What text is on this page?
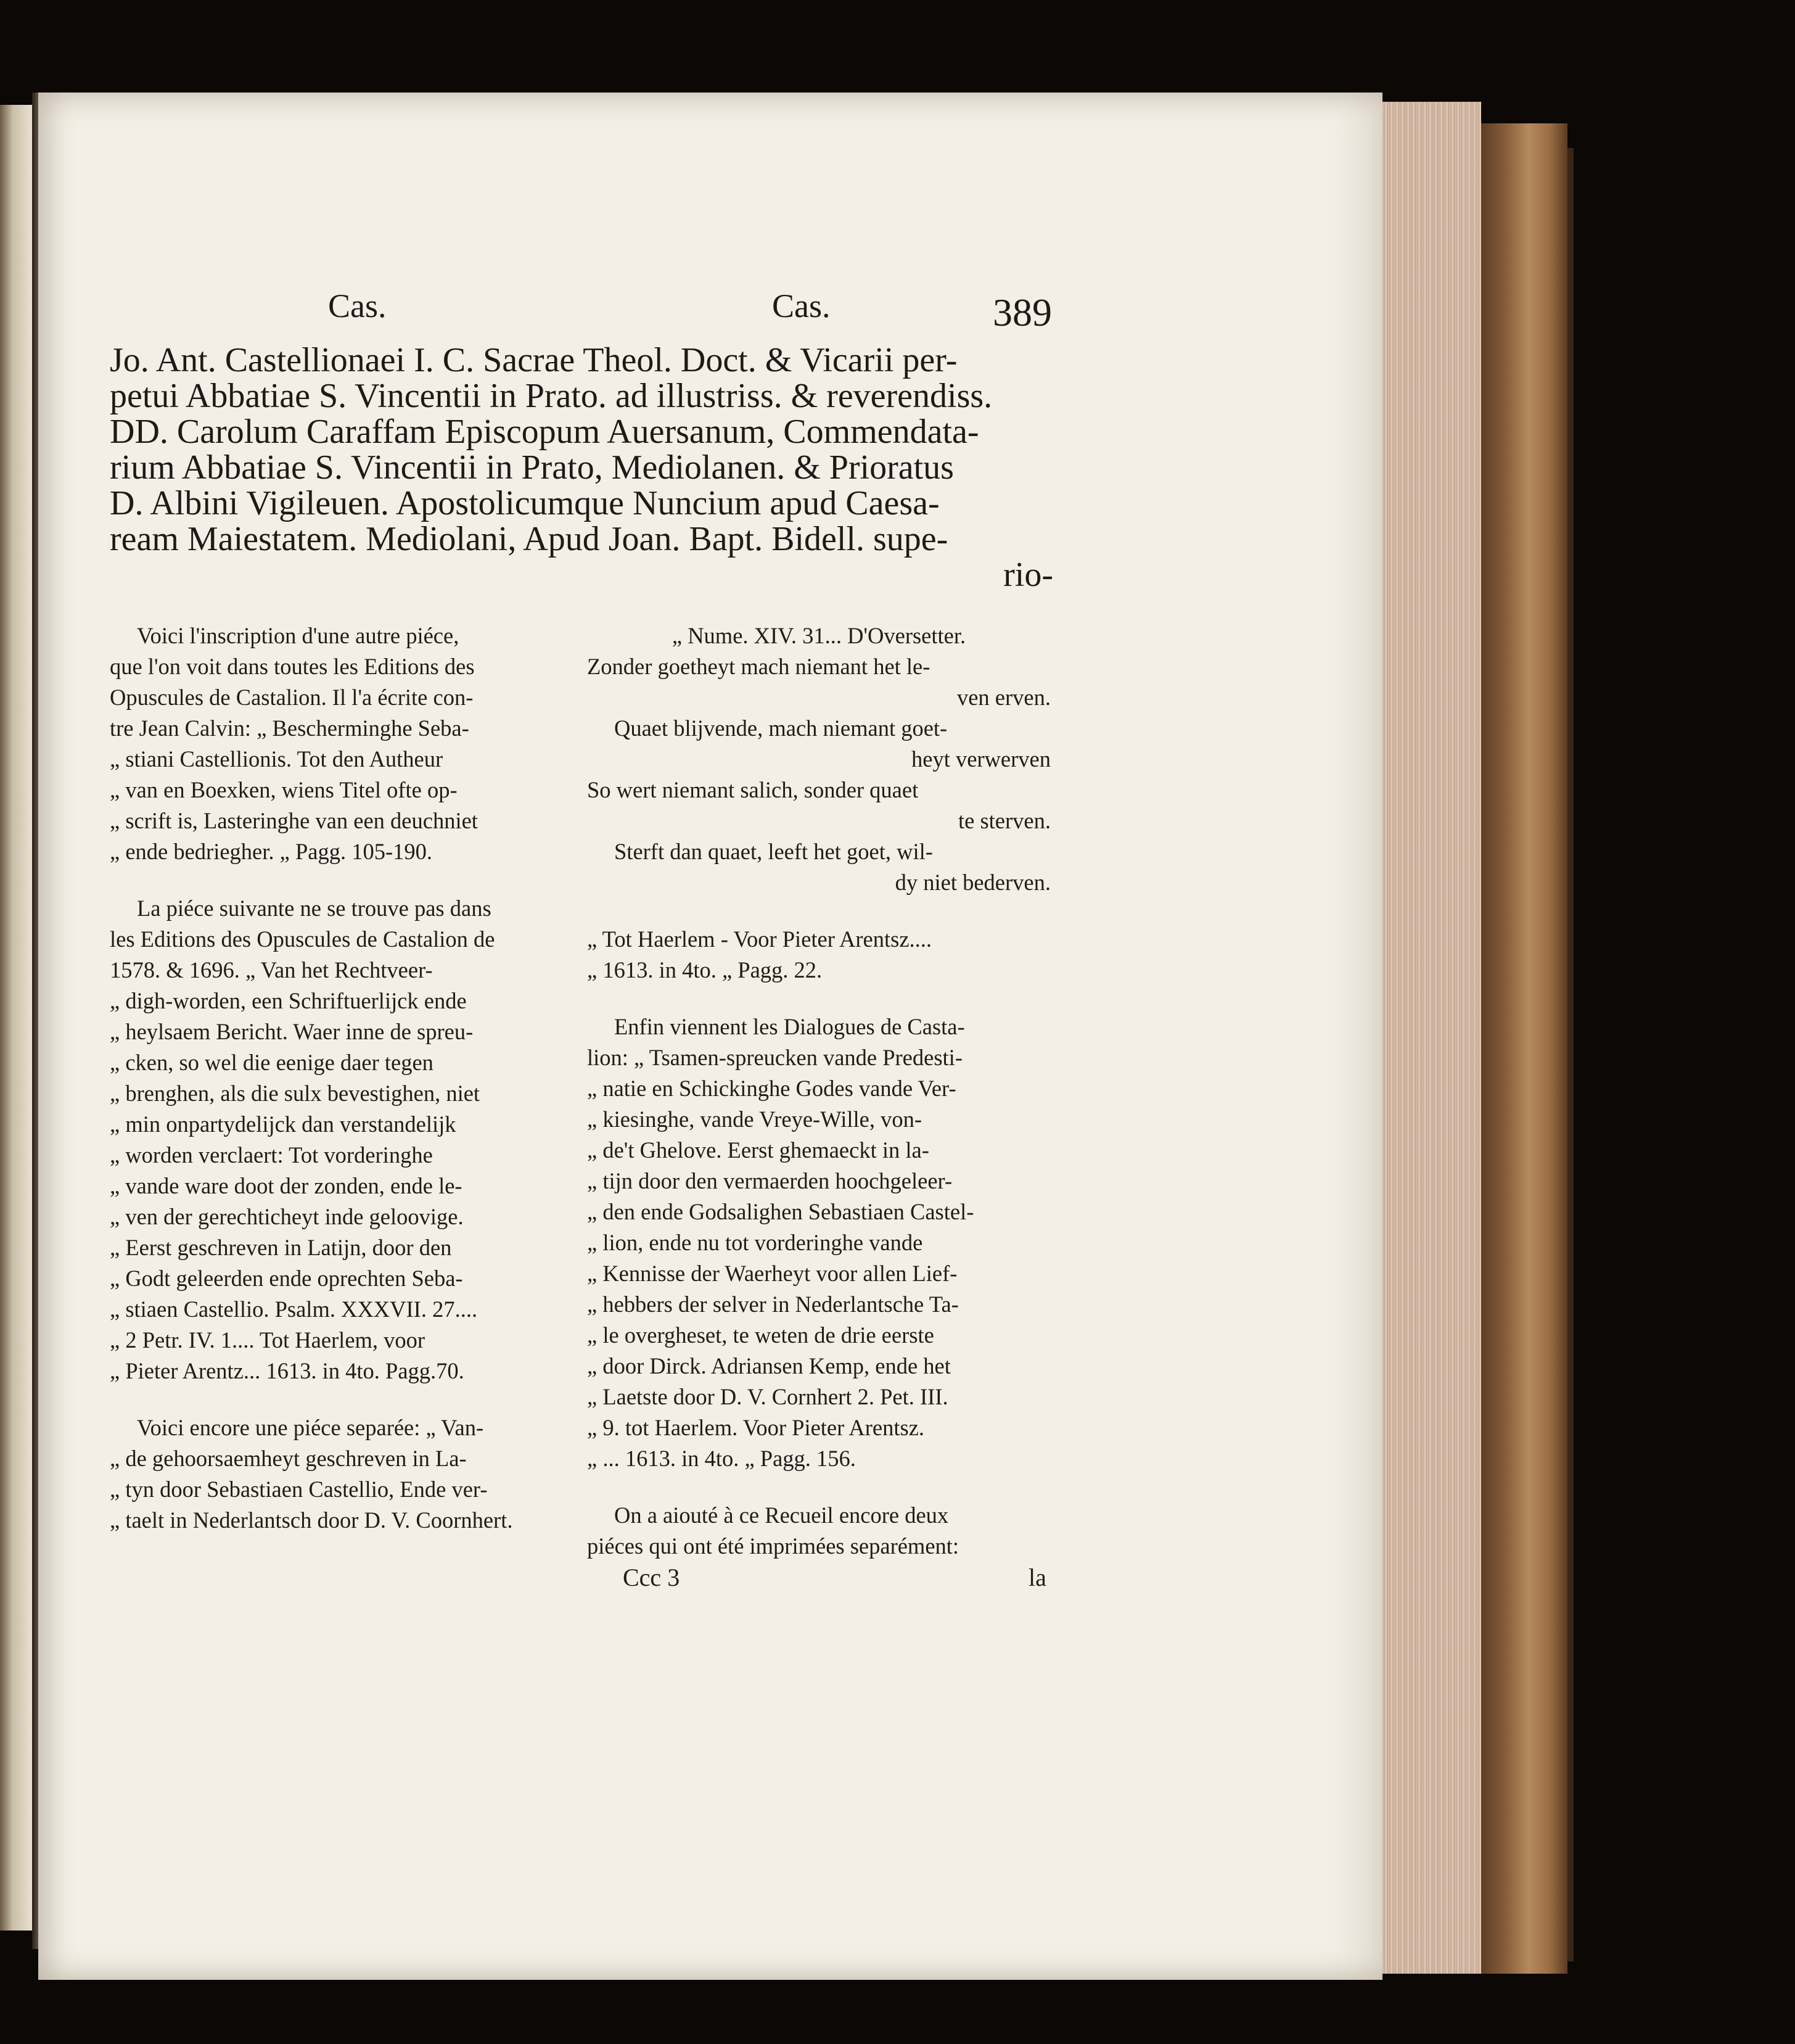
Cas.	Cas.	389
Jo. Ant. Castellionaei I. C. Sacrae Theol. Doct. & Vicarii per-
petui Abbatiae S. Vincentii in Prato. ad illustriss. & reverendiss.
DD. Carolum Caraffam Episcopum Auersanum, Commendata-
rium Abbatiae S. Vincentii in Prato, Mediolanen. & Prioratus
D. Albini Vigileuen. Apostolicumque Nuncium apud Caesa-
ream Maiestatem. Mediolani, Apud Joan. Bapt. Bidell. supe-
rio-
Voici l'inscription d'une autre piéce,
que l'on voit dans toutes les Editions des
Opuscules de Castalion. Il l'a écrite con-
tre Jean Calvin: „ Bescherminghe Seba-
„ stiani Castellionis. Tot den Autheur
„ van en Boexken, wiens Titel ofte op-
„ scrift is, Lasteringhe van een deuchniet
„ ende bedriegher. „ Pagg. 105-190.
La piéce suivante ne se trouve pas dans
les Editions des Opuscules de Castalion de
1578. & 1696. „ Van het Rechtveer-
„ digh-worden, een Schriftuerlijck ende
„ heylsaem Bericht. Waer inne de spreu-
„ cken, so wel die eenige daer tegen
„ brenghen, als die sulx bevestighen, niet
„ min onpartydelijck dan verstandelijk
„ worden verclaert: Tot vorderinghe
„ vande ware doot der zonden, ende le-
„ ven der gerechticheyt inde geloovige.
„ Eerst geschreven in Latijn, door den
„ Godt geleerden ende oprechten Seba-
„ stiaen Castellio. Psalm. XXXVII. 27....
„ 2 Petr. IV. 1.... Tot Haerlem, voor
„ Pieter Arentz... 1613. in 4to. Pagg.70.
Voici encore une piéce separée: „ Van-
„ de gehoorsaemheyt geschreven in La-
„ tyn door Sebastiaen Castellio, Ende ver-
„ taelt in Nederlantsch door D. V. Coornhert.
„ Nume. XIV. 31... D'Oversetter.
Zonder goetheyt mach niemant het le-
ven erven.
Quaet blijvende, mach niemant goet-
heyt verwerven
So wert niemant salich, sonder quaet
te sterven.
Sterft dan quaet, leeft het goet, wil-
dy niet bederven.
„ Tot Haerlem - Voor Pieter Arentsz....
„ 1613. in 4to. „ Pagg. 22.
Enfin viennent les Dialogues de Casta-
lion: „ Tsamen-spreucken vande Predesti-
„ natie en Schickinghe Godes vande Ver-
„ kiesinghe, vande Vreye-Wille, von-
„ de't Ghelove. Eerst ghemaeckt in la-
„ tijn door den vermaerden hoochgeleer-
„ den ende Godsalighen Sebastiaen Castel-
„ lion, ende nu tot vorderinghe vande
„ Kennisse der Waerheyt voor allen Lief-
„ hebbers der selver in Nederlantsche Ta-
„ le overgheset, te weten de drie eerste
„ door Dirck. Adriansen Kemp, ende het
„ Laetste door D. V. Cornhert 2. Pet. III.
„ 9. tot Haerlem. Voor Pieter Arentsz.
„ ... 1613. in 4to. „ Pagg. 156.
On a aiouté à ce Recueil encore deux
piéces qui ont été imprimées separément:
Ccc 3	la
